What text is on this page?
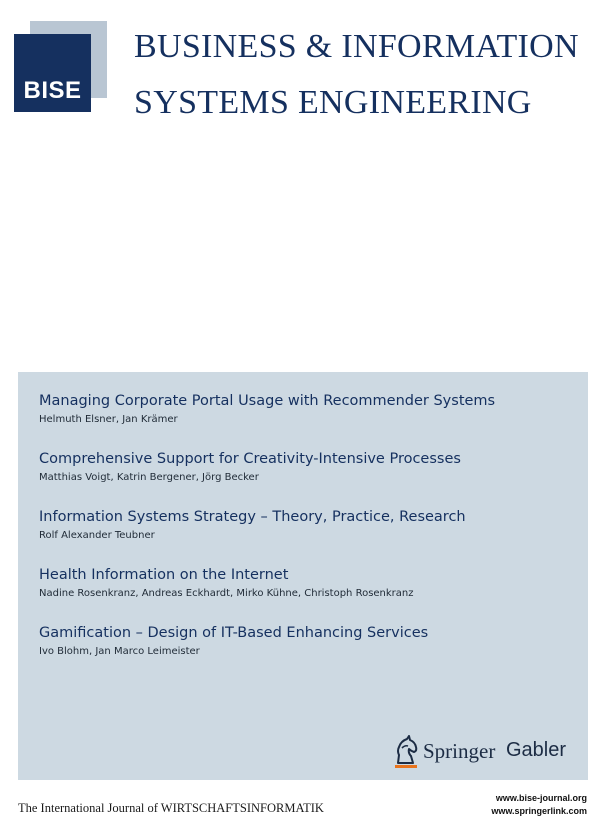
BISE
BUSINESS & INFORMATION
SYSTEMS ENGINEERING
Managing Corporate Portal Usage with Recommender Systems
Helmuth Elsner, Jan Krämer
Comprehensive Support for Creativity-Intensive Processes
Matthias Voigt, Katrin Bergener, Jörg Becker
Information Systems Strategy – Theory, Practice, Research
Rolf Alexander Teubner
Health Information on the Internet
Nadine Rosenkranz, Andreas Eckhardt, Mirko Kühne, Christoph Rosenkranz
Gamification – Design of IT-Based Enhancing Services
Ivo Blohm, Jan Marco Leimeister
Springer Gabler
The International Journal of WIRTSCHAFTSINFORMATIK
www.bise-journal.org
www.springerlink.com
